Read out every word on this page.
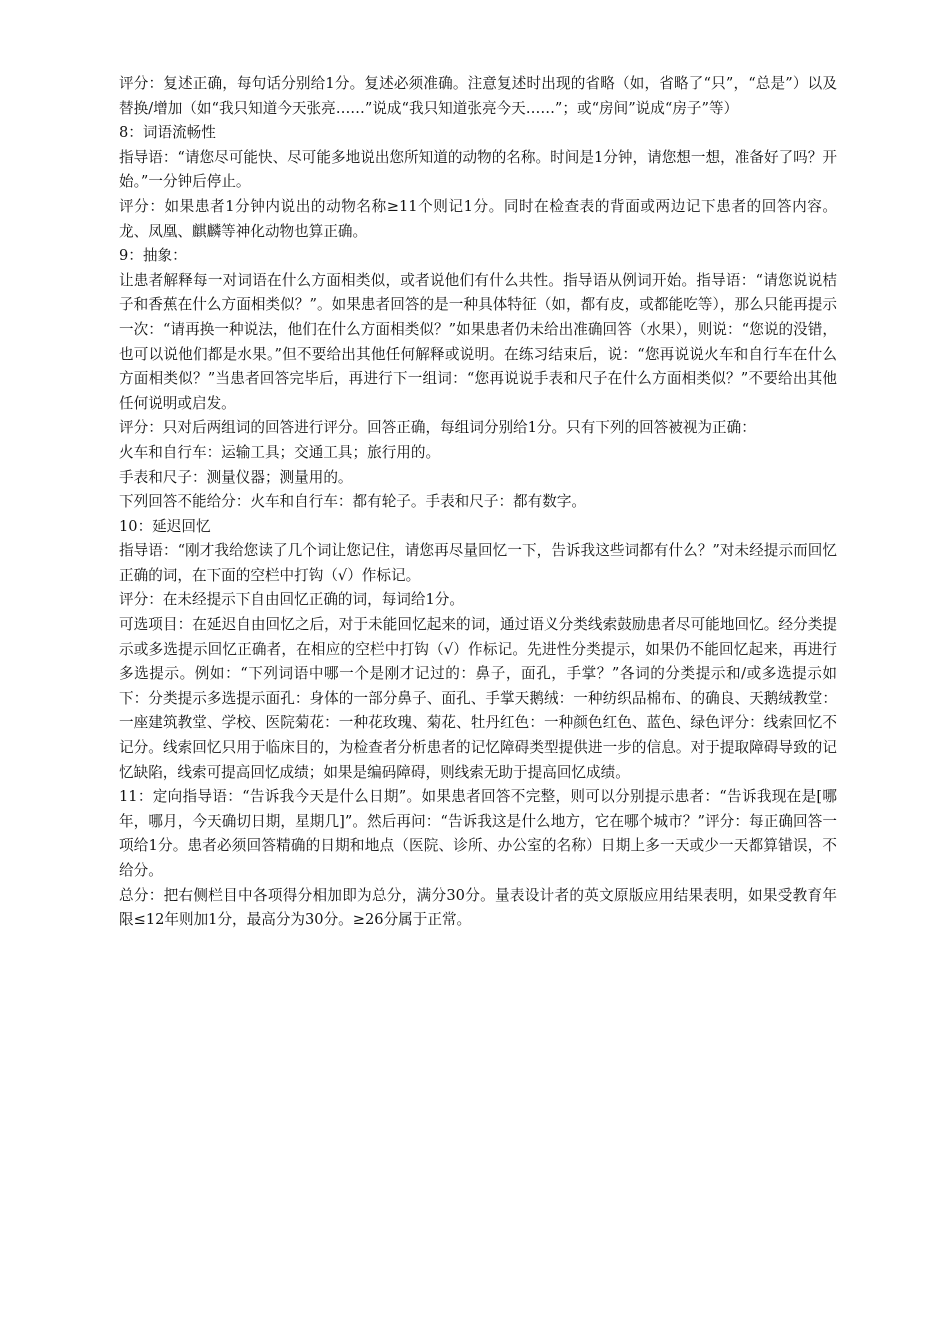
评分：复述正确，每句话分别给1分。复述必须准确。注意复述时出现的省略（如，省略了“只”，“总是”）以及替换/增加（如“我只知道今天张亮……”说成“我只知道张亮今天……”；或“房间”说成“房子”等）

8：词语流畅性

指导语：“请您尽可能快、尽可能多地说出您所知道的动物的名称。时间是1分钟，请您想一想，准备好了吗？开始。”一分钟后停止。

评分：如果患者1分钟内说出的动物名称≥11个则记1分。同时在检查表的背面或两边记下患者的回答内容。龙、凤凰、麒麟等神化动物也算正确。

9：抽象：

让患者解释每一对词语在什么方面相类似，或者说他们有什么共性。指导语从例词开始。指导语：“请您说说桔子和香蕉在什么方面相类似？”。如果患者回答的是一种具体特征（如，都有皮，或都能吃等），那么只能再提示一次：“请再换一种说法，他们在什么方面相类似？”如果患者仍未给出准确回答（水果），则说：“您说的没错，也可以说他们都是水果。”但不要给出其他任何解释或说明。在练习结束后，说：“您再说说火车和自行车在什么方面相类似？”当患者回答完毕后，再进行下一组词：“您再说说手表和尺子在什么方面相类似？”不要给出其他任何说明或启发。

评分：只对后两组词的回答进行评分。回答正确，每组词分别给1分。只有下列的回答被视为正确：

火车和自行车：运输工具；交通工具；旅行用的。

手表和尺子：测量仪器；测量用的。

下列回答不能给分：火车和自行车：都有轮子。手表和尺子：都有数字。

10：延迟回忆

指导语：“刚才我给您读了几个词让您记住，请您再尽量回忆一下，告诉我这些词都有什么？”对未经提示而回忆正确的词，在下面的空栏中打钩（√）作标记。

评分：在未经提示下自由回忆正确的词，每词给1分。

可选项目：在延迟自由回忆之后，对于未能回忆起来的词，通过语义分类线索鼓励患者尽可能地回忆。经分类提示或多选提示回忆正确者，在相应的空栏中打钩（√）作标记。先进性分类提示，如果仍不能回忆起来，再进行多选提示。例如：“下列词语中哪一个是刚才记过的：鼻子，面孔，手掌？”各词的分类提示和/或多选提示如下：分类提示多选提示面孔：身体的一部分鼻子、面孔、手掌天鹅绒：一种纺织品棉布、的确良、天鹅绒教堂：一座建筑教堂、学校、医院菊花：一种花玫瑰、菊花、牡丹红色：一种颜色红色、蓝色、绿色评分：线索回忆不记分。线索回忆只用于临床目的，为检查者分析患者的记忆障碍类型提供进一步的信息。对于提取障碍导致的记忆缺陷，线索可提高回忆成绩；如果是编码障碍，则线索无助于提高回忆成绩。

11：定向指导语：“告诉我今天是什么日期”。如果患者回答不完整，则可以分别提示患者：“告诉我现在是[哪年，哪月，今天确切日期，星期几]”。然后再问：“告诉我这是什么地方，它在哪个城市？”评分：每正确回答一项给1分。患者必须回答精确的日期和地点（医院、诊所、办公室的名称）日期上多一天或少一天都算错误，不给分。

总分：把右侧栏目中各项得分相加即为总分，满分30分。量表设计者的英文原版应用结果表明，如果受教育年限≤12年则加1分，最高分为30分。≥26分属于正常。
